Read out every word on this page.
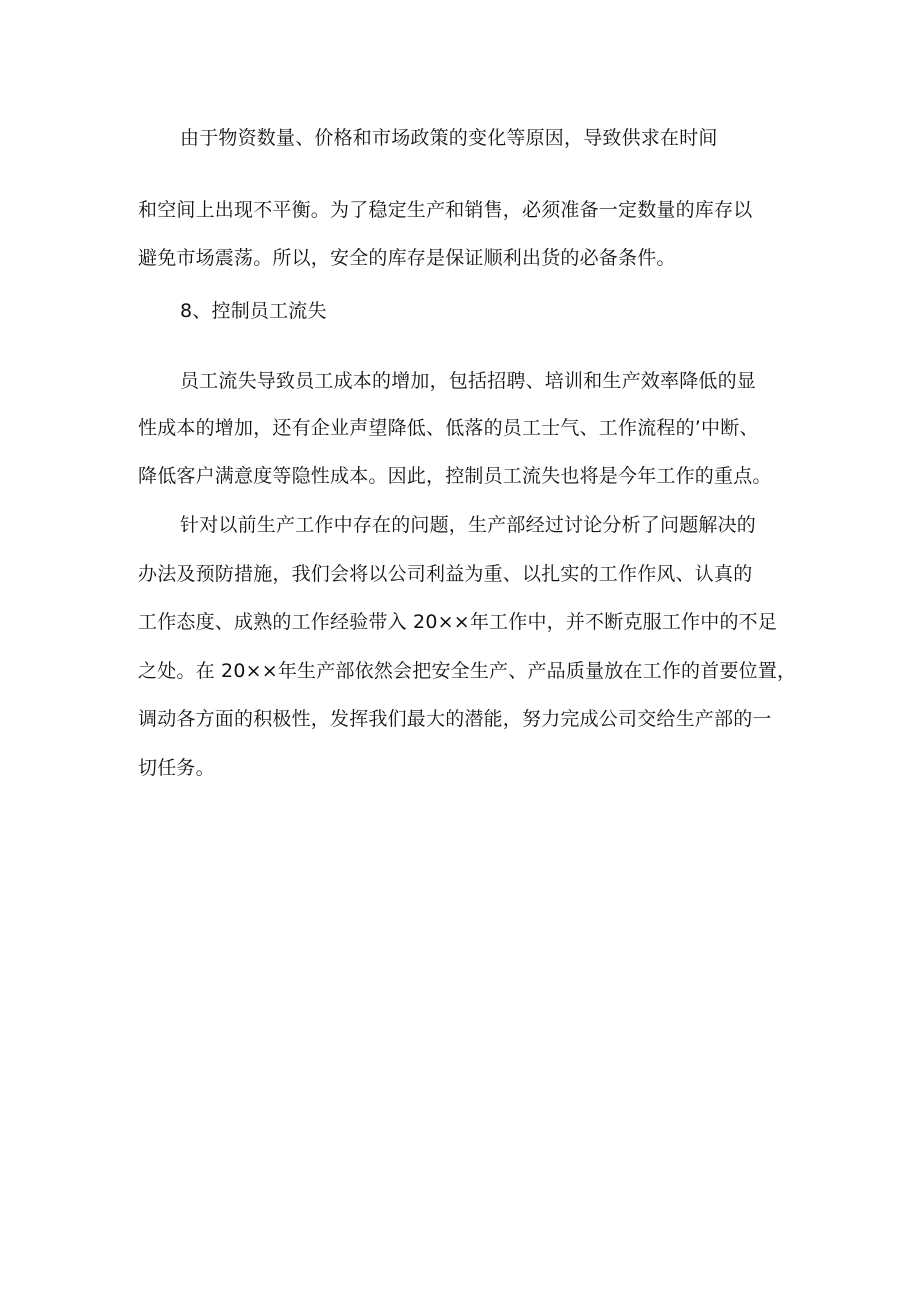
由于物资数量、价格和市场政策的变化等原因，导致供求在时间
和空间上出现不平衡。为了稳定生产和销售，必须准备一定数量的库存以
避免市场震荡。所以，安全的库存是保证顺利出货的必备条件。
8、控制员工流失
员工流失导致员工成本的增加，包括招聘、培训和生产效率降低的显
性成本的增加，还有企业声望降低、低落的员工士气、工作流程的’中断、
降低客户满意度等隐性成本。因此，控制员工流失也将是今年工作的重点。
针对以前生产工作中存在的问题，生产部经过讨论分析了问题解决的
办法及预防措施，我们会将以公司利益为重、以扎实的工作作风、认真的
工作态度、成熟的工作经验带入 20××年工作中，并不断克服工作中的不足
之处。在 20××年生产部依然会把安全生产、产品质量放在工作的首要位置，
调动各方面的积极性，发挥我们最大的潜能，努力完成公司交给生产部的一
切任务。
